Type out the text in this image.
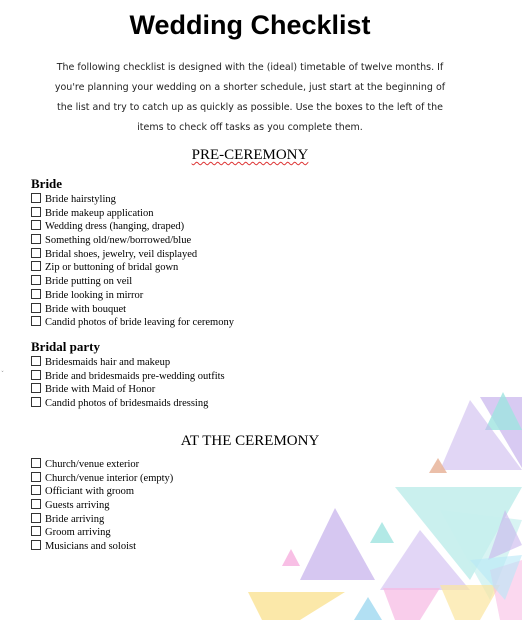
Wedding Checklist
The following checklist is designed with the (ideal) timetable of twelve months. If you're planning your wedding on a shorter schedule, just start at the beginning of the list and try to catch up as quickly as possible. Use the boxes to the left of the items to check off tasks as you complete them.
PRE-CEREMONY
Bride
Bride hairstyling
Bride makeup application
Wedding dress (hanging, draped)
Something old/new/borrowed/blue
Bridal shoes, jewelry, veil displayed
Zip or buttoning of bridal gown
Bride putting on veil
Bride looking in mirror
Bride with bouquet
Candid photos of bride leaving for ceremony
Bridal party
Bridesmaids hair and makeup
Bride and bridesmaids pre-wedding outfits
Bride with Maid of Honor
Candid photos of bridesmaids dressing
AT THE CEREMONY
Church/venue exterior
Church/venue interior (empty)
Officiant with groom
Guests arriving
Bride arriving
Groom arriving
Musicians and soloist
ˇ
